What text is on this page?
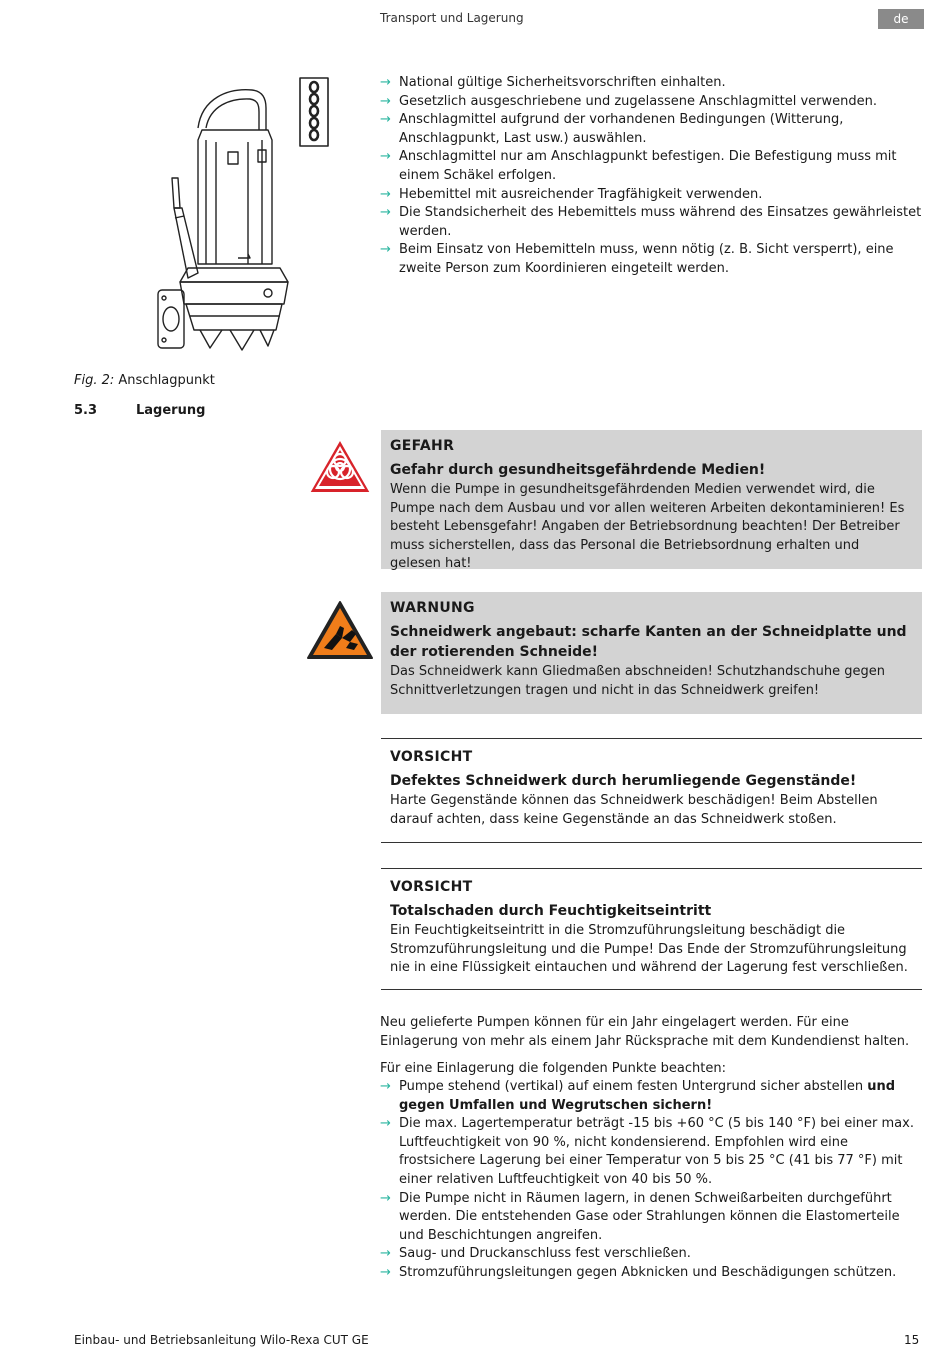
Transport und Lagerung	de
→ National gültige Sicherheitsvorschriften einhalten.
→ Gesetzlich ausgeschriebene und zugelassene Anschlagmittel verwenden.
→ Anschlagmittel aufgrund der vorhandenen Bedingungen (Witterung, Anschlagpunkt, Last usw.) auswählen.
→ Anschlagmittel nur am Anschlagpunkt befestigen. Die Befestigung muss mit einem Schäkel erfolgen.
→ Hebemittel mit ausreichender Tragfähigkeit verwenden.
→ Die Standsicherheit des Hebemittels muss während des Einsatzes gewährleistet werden.
→ Beim Einsatz von Hebemitteln muss, wenn nötig (z. B. Sicht versperrt), eine zweite Person zum Koordinieren eingeteilt werden.
Fig. 2: Anschlagpunkt
5.3	Lagerung
GEFAHR
Gefahr durch gesundheitsgefährdende Medien!
Wenn die Pumpe in gesundheitsgefährdenden Medien verwendet wird, die Pumpe nach dem Ausbau und vor allen weiteren Arbeiten dekontaminieren! Es besteht Lebensgefahr! Angaben der Betriebsordnung beachten! Der Betreiber muss sicherstellen, dass das Personal die Betriebsordnung erhalten und gelesen hat!
WARNUNG
Schneidwerk angebaut: scharfe Kanten an der Schneidplatte und der rotierenden Schneide!
Das Schneidwerk kann Gliedmaßen abschneiden! Schutzhandschuhe gegen Schnittverletzungen tragen und nicht in das Schneidwerk greifen!
VORSICHT
Defektes Schneidwerk durch herumliegende Gegenstände!
Harte Gegenstände können das Schneidwerk beschädigen! Beim Abstellen darauf achten, dass keine Gegenstände an das Schneidwerk stoßen.
VORSICHT
Totalschaden durch Feuchtigkeitseintritt
Ein Feuchtigkeitseintritt in die Stromzuführungsleitung beschädigt die Stromzuführungsleitung und die Pumpe! Das Ende der Stromzuführungsleitung nie in eine Flüssigkeit eintauchen und während der Lagerung fest verschließen.

Neu gelieferte Pumpen können für ein Jahr eingelagert werden. Für eine Einlagerung von mehr als einem Jahr Rücksprache mit dem Kundendienst halten.

Für eine Einlagerung die folgenden Punkte beachten:

→ Pumpe stehend (vertikal) auf einem festen Untergrund sicher abstellen und gegen Umfallen und Wegrutschen sichern!
→ Die max. Lagertemperatur beträgt -15 bis +60 °C (5 bis 140 °F) bei einer max. Luftfeuchtigkeit von 90 %, nicht kondensierend. Empfohlen wird eine frostsichere Lagerung bei einer Temperatur von 5 bis 25 °C (41 bis 77 °F) mit einer relativen Luftfeuchtigkeit von 40 bis 50 %.
→ Die Pumpe nicht in Räumen lagern, in denen Schweißarbeiten durchgeführt werden. Die entstehenden Gase oder Strahlungen können die Elastomerteile und Beschichtungen angreifen.
→ Saug- und Druckanschluss fest verschließen.
→ Stromzuführungsleitungen gegen Abknicken und Beschädigungen schützen.
Einbau- und Betriebsanleitung Wilo-Rexa CUT GE	15
